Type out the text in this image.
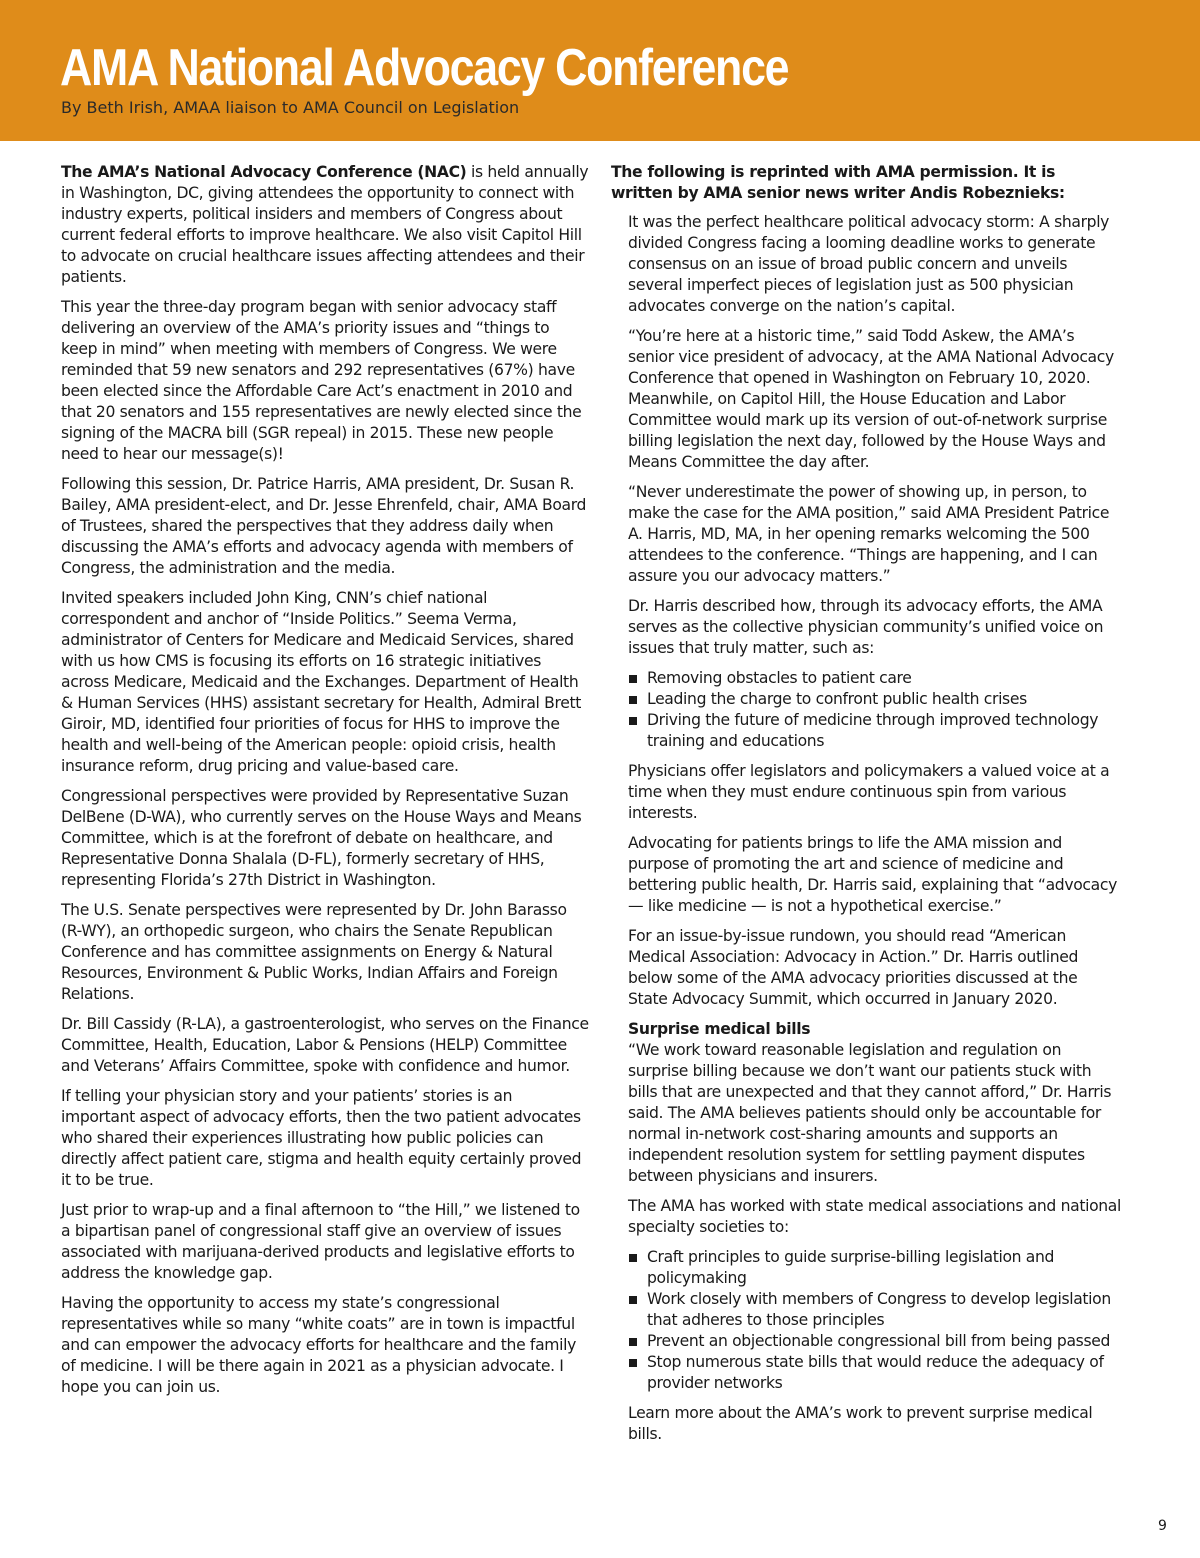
AMA National Advocacy Conference
By Beth Irish, AMAA liaison to AMA Council on Legislation

The AMA’s National Advocacy Conference (NAC) is held annually in Washington, DC, giving attendees the opportunity to connect with industry experts, political insiders and members of Congress about current federal efforts to improve healthcare. We also visit Capitol Hill to advocate on crucial healthcare issues affecting attendees and their patients.

This year the three-day program began with senior advocacy staff delivering an overview of the AMA’s priority issues and “things to keep in mind” when meeting with members of Congress. We were reminded that 59 new senators and 292 representatives (67%) have been elected since the Affordable Care Act’s enactment in 2010 and that 20 senators and 155 representatives are newly elected since the signing of the MACRA bill (SGR repeal) in 2015. These new people need to hear our message(s)!

Following this session, Dr. Patrice Harris, AMA president, Dr. Susan R. Bailey, AMA president-elect, and Dr. Jesse Ehrenfeld, chair, AMA Board of Trustees, shared the perspectives that they address daily when discussing the AMA’s efforts and advocacy agenda with members of Congress, the administration and the media.

Invited speakers included John King, CNN’s chief national correspondent and anchor of “Inside Politics.” Seema Verma, administrator of Centers for Medicare and Medicaid Services, shared with us how CMS is focusing its efforts on 16 strategic initiatives across Medicare, Medicaid and the Exchanges. Department of Health & Human Services (HHS) assistant secretary for Health, Admiral Brett Giroir, MD, identified four priorities of focus for HHS to improve the health and well-being of the American people: opioid crisis, health insurance reform, drug pricing and value-based care.

Congressional perspectives were provided by Representative Suzan DelBene (D-WA), who currently serves on the House Ways and Means Committee, which is at the forefront of debate on healthcare, and Representative Donna Shalala (D-FL), formerly secretary of HHS, representing Florida’s 27th District in Washington.

The U.S. Senate perspectives were represented by Dr. John Barasso (R-WY), an orthopedic surgeon, who chairs the Senate Republican Conference and has committee assignments on Energy & Natural Resources, Environment & Public Works, Indian Affairs and Foreign Relations.

Dr. Bill Cassidy (R-LA), a gastroenterologist, who serves on the Finance Committee, Health, Education, Labor & Pensions (HELP) Committee and Veterans’ Affairs Committee, spoke with confidence and humor.

If telling your physician story and your patients’ stories is an important aspect of advocacy efforts, then the two patient advocates who shared their experiences illustrating how public policies can directly affect patient care, stigma and health equity certainly proved it to be true.

Just prior to wrap-up and a final afternoon to “the Hill,” we listened to a bipartisan panel of congressional staff give an overview of issues associated with marijuana-derived products and legislative efforts to address the knowledge gap.

Having the opportunity to access my state’s congressional representatives while so many “white coats” are in town is impactful and can empower the advocacy efforts for healthcare and the family of medicine. I will be there again in 2021 as a physician advocate. I hope you can join us.

The following is reprinted with AMA permission. It is written by AMA senior news writer Andis Robeznieks:

It was the perfect healthcare political advocacy storm: A sharply divided Congress facing a looming deadline works to generate consensus on an issue of broad public concern and unveils several imperfect pieces of legislation just as 500 physician advocates converge on the nation’s capital.

“You’re here at a historic time,” said Todd Askew, the AMA’s senior vice president of advocacy, at the AMA National Advocacy Conference that opened in Washington on February 10, 2020. Meanwhile, on Capitol Hill, the House Education and Labor Committee would mark up its version of out-of-network surprise billing legislation the next day, followed by the House Ways and Means Committee the day after.

“Never underestimate the power of showing up, in person, to make the case for the AMA position,” said AMA President Patrice A. Harris, MD, MA, in her opening remarks welcoming the 500 attendees to the conference. “Things are happening, and I can assure you our advocacy matters.”

Dr. Harris described how, through its advocacy efforts, the AMA serves as the collective physician community’s unified voice on issues that truly matter, such as:

Removing obstacles to patient care
Leading the charge to confront public health crises
Driving the future of medicine through improved technology training and educations

Physicians offer legislators and policymakers a valued voice at a time when they must endure continuous spin from various interests.

Advocating for patients brings to life the AMA mission and purpose of promoting the art and science of medicine and bettering public health, Dr. Harris said, explaining that “advocacy — like medicine — is not a hypothetical exercise.”

For an issue-by-issue rundown, you should read “American Medical Association: Advocacy in Action.” Dr. Harris outlined below some of the AMA advocacy priorities discussed at the State Advocacy Summit, which occurred in January 2020.

Surprise medical bills

“We work toward reasonable legislation and regulation on surprise billing because we don’t want our patients stuck with bills that are unexpected and that they cannot afford,” Dr. Harris said. The AMA believes patients should only be accountable for normal in-network cost-sharing amounts and supports an independent resolution system for settling payment disputes between physicians and insurers.

The AMA has worked with state medical associations and national specialty societies to:

Craft principles to guide surprise-billing legislation and policymaking
Work closely with members of Congress to develop legislation that adheres to those principles
Prevent an objectionable congressional bill from being passed
Stop numerous state bills that would reduce the adequacy of provider networks

Learn more about the AMA’s work to prevent surprise medical bills.

9
